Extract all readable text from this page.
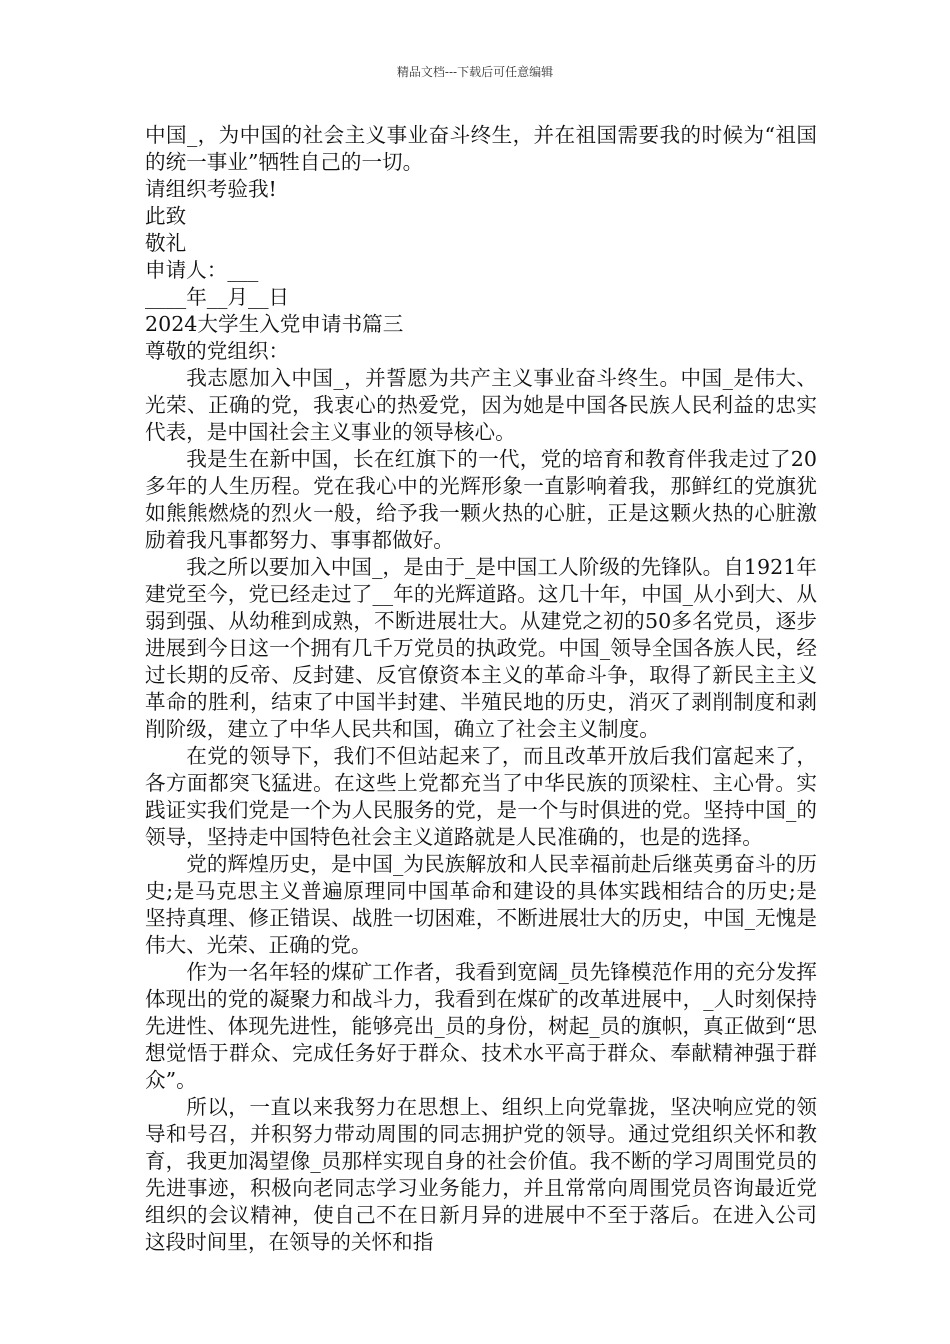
精品文档---下载后可任意编辑

中国_，为中国的社会主义事业奋斗终生，并在祖国需要我的时候为“祖国的统一事业”牺牲自己的一切。

请组织考验我!

此致

敬礼

申请人：___

____年__月__日

2024大学生入党申请书篇三

尊敬的党组织：

我志愿加入中国_，并誓愿为共产主义事业奋斗终生。中国_是伟大、光荣、正确的党，我衷心的热爱党，因为她是中国各民族人民利益的忠实代表，是中国社会主义事业的领导核心。

我是生在新中国，长在红旗下的一代，党的培育和教育伴我走过了20多年的人生历程。党在我心中的光辉形象一直影响着我，那鲜红的党旗犹如熊熊燃烧的烈火一般，给予我一颗火热的心脏，正是这颗火热的心脏激励着我凡事都努力、事事都做好。

我之所以要加入中国_，是由于_是中国工人阶级的先锋队。自1921年建党至今，党已经走过了__年的光辉道路。这几十年，中国_从小到大、从弱到强、从幼稚到成熟，不断进展壮大。从建党之初的50多名党员，逐步进展到今日这一个拥有几千万党员的执政党。中国_领导全国各族人民，经过长期的反帝、反封建、反官僚资本主义的革命斗争，取得了新民主主义革命的胜利，结束了中国半封建、半殖民地的历史，消灭了剥削制度和剥削阶级，建立了中华人民共和国，确立了社会主义制度。

在党的领导下，我们不但站起来了，而且改革开放后我们富起来了，各方面都突飞猛进。在这些上党都充当了中华民族的顶梁柱、主心骨。实践证实我们党是一个为人民服务的党，是一个与时俱进的党。坚持中国_的领导，坚持走中国特色社会主义道路就是人民准确的，也是的选择。

党的辉煌历史，是中国_为民族解放和人民幸福前赴后继英勇奋斗的历史;是马克思主义普遍原理同中国革命和建设的具体实践相结合的历史;是坚持真理、修正错误、战胜一切困难，不断进展壮大的历史，中国_无愧是伟大、光荣、正确的党。

作为一名年轻的煤矿工作者，我看到宽阔_员先锋模范作用的充分发挥体现出的党的凝聚力和战斗力，我看到在煤矿的改革进展中，_人时刻保持先进性、体现先进性，能够亮出_员的身份，树起_员的旗帜，真正做到“思想觉悟于群众、完成任务好于群众、技术水平高于群众、奉献精神强于群众”。

所以，一直以来我努力在思想上、组织上向党靠拢，坚决响应党的领导和号召，并积努力带动周围的同志拥护党的领导。通过党组织关怀和教育，我更加渴望像_员那样实现自身的社会价值。我不断的学习周围党员的先进事迹，积极向老同志学习业务能力，并且常常向周围党员咨询最近党组织的会议精神，使自己不在日新月异的进展中不至于落后。在进入公司这段时间里，在领导的关怀和指
